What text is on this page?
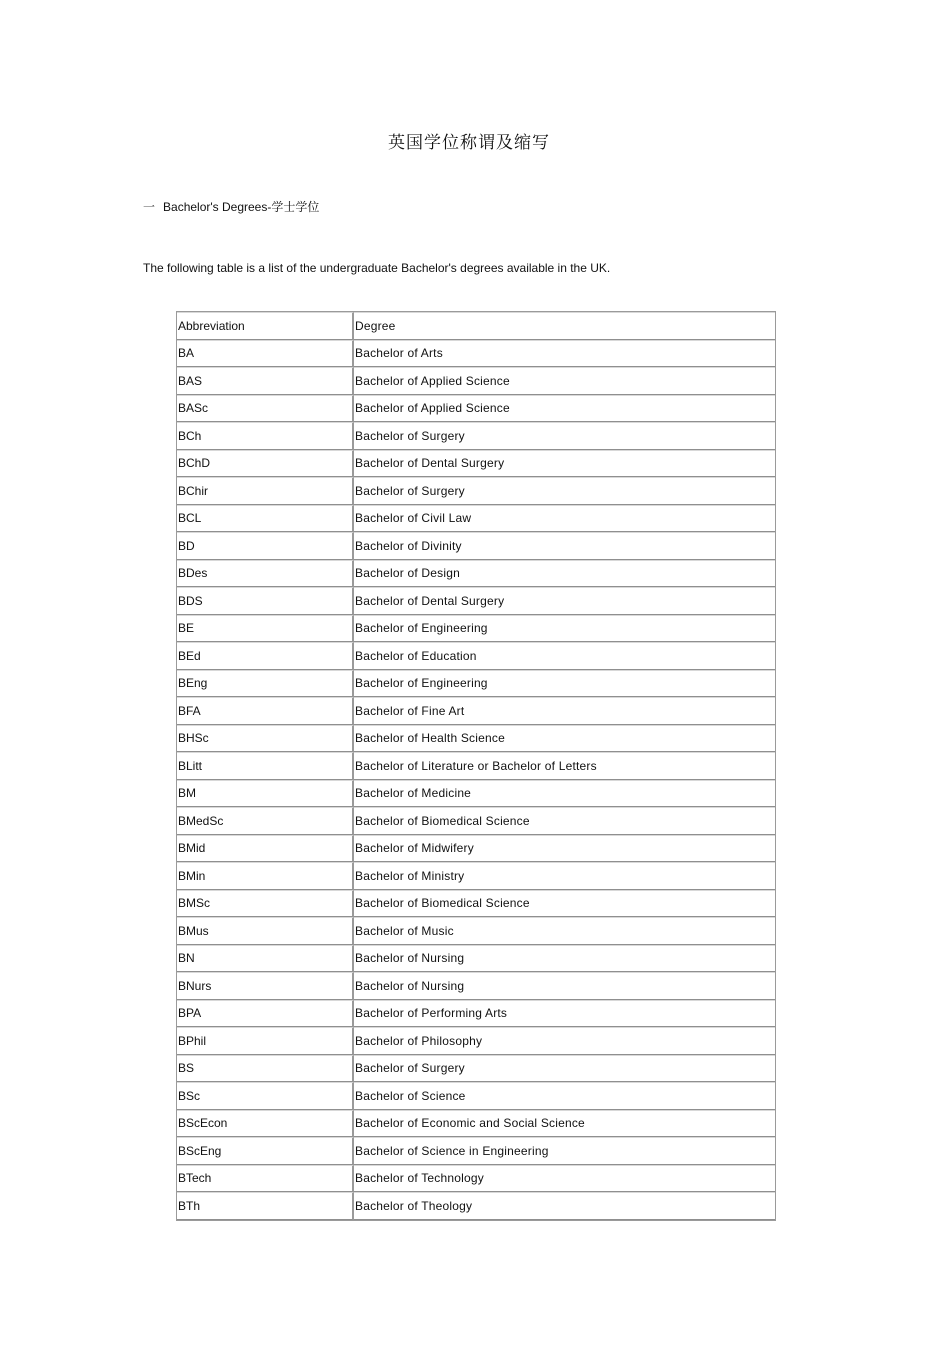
英国学位称谓及缩写
一 Bachelor's Degrees-学士学位
The following table is a list of the undergraduate Bachelor's degrees available in the UK.
Abbreviation	Degree
BA	Bachelor of Arts
BAS	Bachelor of Applied Science
BASc	Bachelor of Applied Science
BCh	Bachelor of Surgery
BChD	Bachelor of Dental Surgery
BChir	Bachelor of Surgery
BCL	Bachelor of Civil Law
BD	Bachelor of Divinity
BDes	Bachelor of Design
BDS	Bachelor of Dental Surgery
BE	Bachelor of Engineering
BEd	Bachelor of Education
BEng	Bachelor of Engineering
BFA	Bachelor of Fine Art
BHSc	Bachelor of Health Science
BLitt	Bachelor of Literature or Bachelor of Letters
BM	Bachelor of Medicine
BMedSc	Bachelor of Biomedical Science
BMid	Bachelor of Midwifery
BMin	Bachelor of Ministry
BMSc	Bachelor of Biomedical Science
BMus	Bachelor of Music
BN	Bachelor of Nursing
BNurs	Bachelor of Nursing
BPA	Bachelor of Performing Arts
BPhil	Bachelor of Philosophy
BS	Bachelor of Surgery
BSc	Bachelor of Science
BScEcon	Bachelor of Economic and Social Science
BScEng	Bachelor of Science in Engineering
BTech	Bachelor of Technology
BTh	Bachelor of Theology
